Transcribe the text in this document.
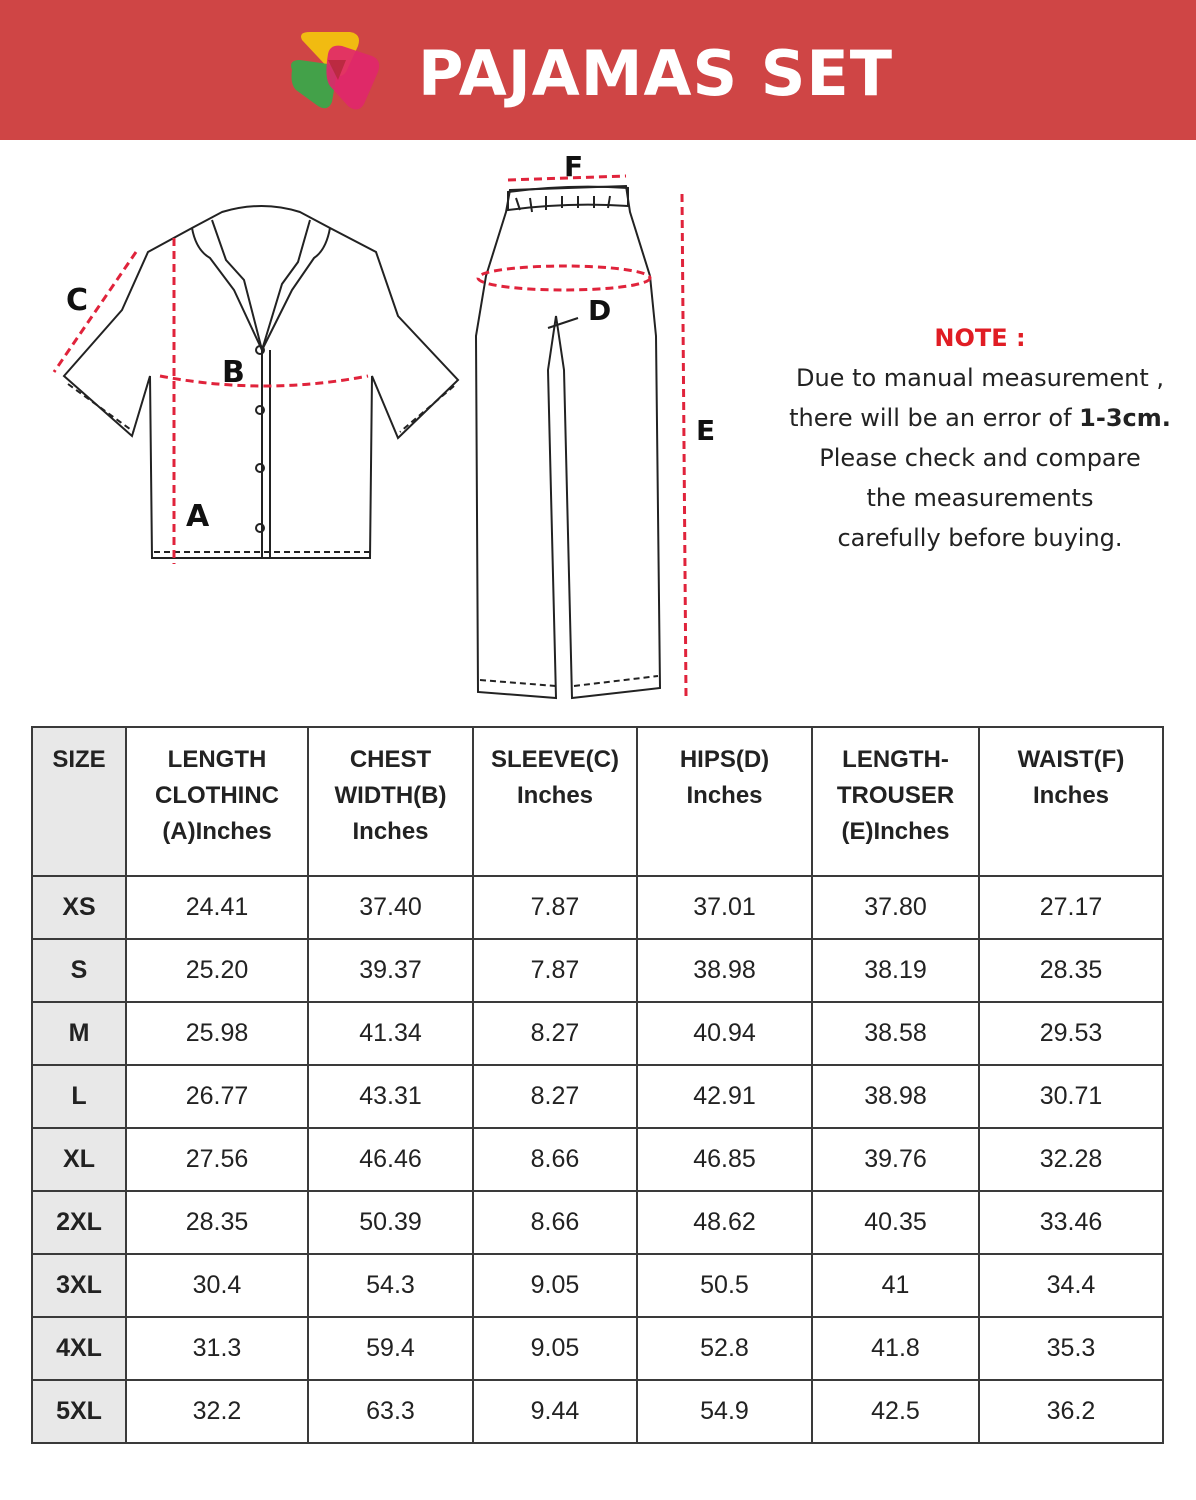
PAJAMAS SET
C
B
A
F
D
E
NOTE :
Due to manual measurement ,
there will be an error of 1-3cm.
Please check and compare
the measurements
carefully before buying.
SIZE	LENGTH
CLOTHINC
(A)Inches	CHEST
WIDTH(B)
Inches	SLEEVE(C)
Inches	HIPS(D)
Inches	LENGTH-
TROUSER
(E)Inches	WAIST(F)
Inches

XS	24.41	37.40	7.87	37.01	37.80	27.17
S	25.20	39.37	7.87	38.98	38.19	28.35
M	25.98	41.34	8.27	40.94	38.58	29.53
L	26.77	43.31	8.27	42.91	38.98	30.71
XL	27.56	46.46	8.66	46.85	39.76	32.28
2XL	28.35	50.39	8.66	48.62	40.35	33.46
3XL	30.4	54.3	9.05	50.5	41	34.4
4XL	31.3	59.4	9.05	52.8	41.8	35.3
5XL	32.2	63.3	9.44	54.9	42.5	36.2
